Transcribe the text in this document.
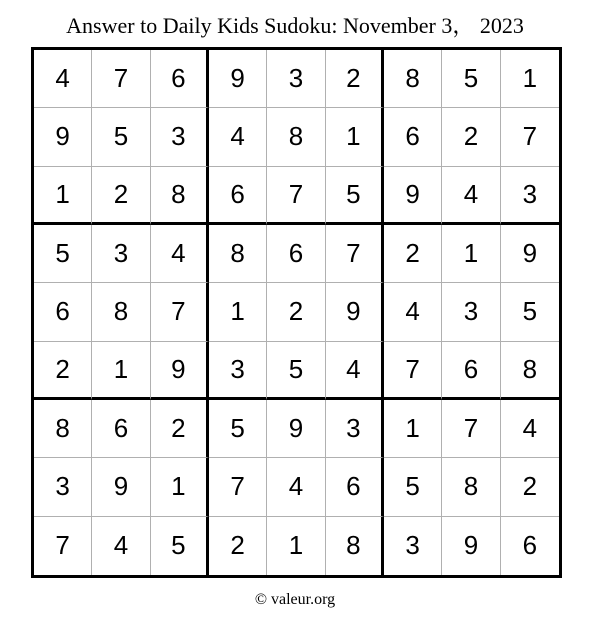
Answer to Daily Kids Sudoku: November 3， 2023
4	7	6	9	3	2	8	5	1
9	5	3	4	8	1	6	2	7
1	2	8	6	7	5	9	4	3
5	3	4	8	6	7	2	1	9
6	8	7	1	2	9	4	3	5
2	1	9	3	5	4	7	6	8
8	6	2	5	9	3	1	7	4
3	9	1	7	4	6	5	8	2
7	4	5	2	1	8	3	9	6
© valeur.org
